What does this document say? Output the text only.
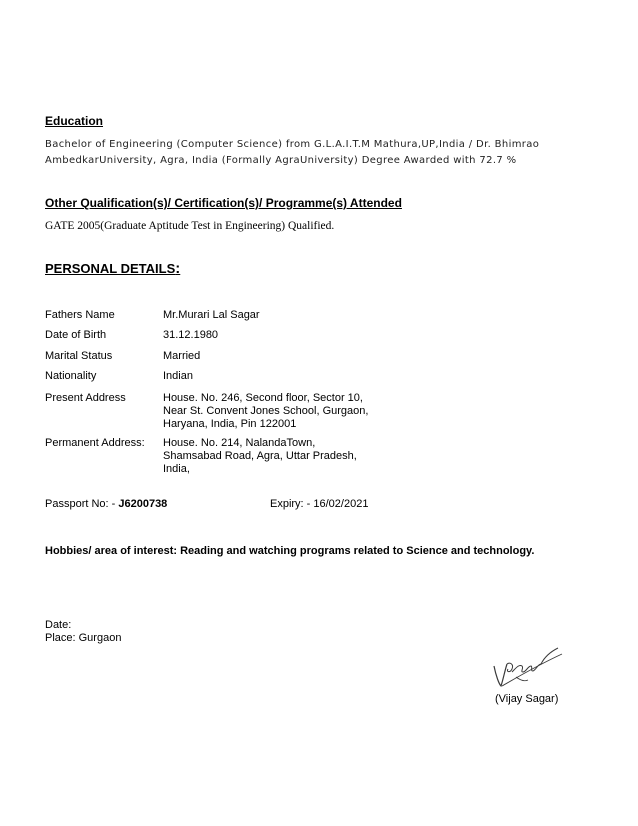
Education
Bachelor of Engineering (Computer Science) from G.L.A.I.T.M Mathura,UP,India / Dr. Bhimrao
AmbedkarUniversity, Agra, India (Formally AgraUniversity) Degree Awarded with 72.7 %
Other Qualification(s)/ Certification(s)/ Programme(s) Attended
GATE 2005(Graduate Aptitude Test in Engineering) Qualified.
PERSONAL DETAILS:
Fathers Name	Mr.Murari Lal Sagar
Date of Birth	31.12.1980
Marital Status	Married
Nationality	Indian
Present Address	House. No. 246, Second floor, Sector 10,
Near St. Convent Jones School, Gurgaon,
Haryana, India, Pin 122001
Permanent Address: House. No. 214, NalandaTown,
Shamsabad Road, Agra, Uttar Pradesh,
India,
Passport No: - J6200738	Expiry: - 16/02/2021
Hobbies/ area of interest: Reading and watching programs related to Science and technology.
Date:
Place: Gurgaon
(Vijay Sagar)
